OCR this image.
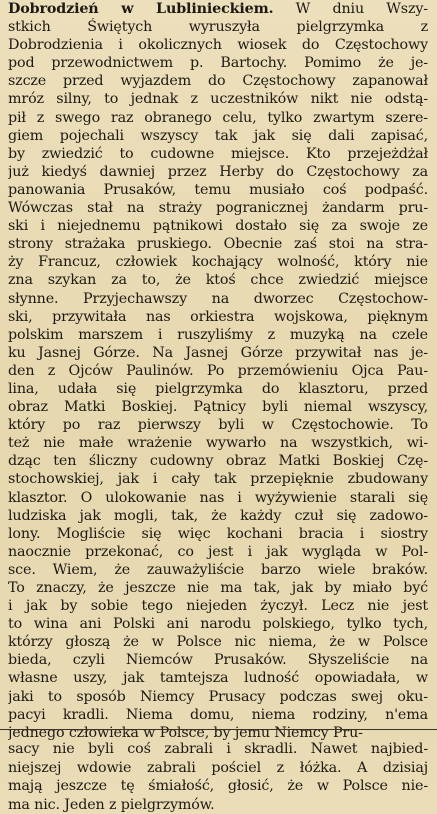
Dobrodzień w Lublinieckiem. W dniu Wszy-
stkich Świętych wyruszyła pielgrzymka z
Dobrodzienia i okolicznych wiosek do Częstochowy
pod przewodnictwem p. Bartochy. Pomimo że je-
szcze przed wyjazdem do Częstochowy zapanował
mróz silny, to jednak z uczestników nikt nie odstą-
pił z swego raz obranego celu, tylko zwartym szere-
giem pojechali wszyscy tak jak się dali zapisać,
by zwiedzić to cudowne miejsce. Kto przejeżdżał
już kiedyś dawniej przez Herby do Częstochowy za
panowania Prusaków, temu musiało coś podpaść.
Wówczas stał na straży pogranicznej żandarm pru-
ski i niejednemu pątnikowi dostało się za swoje ze
strony strażaka pruskiego. Obecnie zaś stoi na stra-
ży Francuz, człowiek kochający wolność, który nie
zna szykan za to, że ktoś chce zwiedzić miejsce
słynne. Przyjechawszy na dworzec Częstochow-
ski, przywitała nas orkiestra wojskowa, pięknym
polskim marszem i ruszyliśmy z muzyką na czele
ku Jasnej Górze. Na Jasnej Górze przywitał nas je-
den z Ojców Paulinów. Po przemówieniu Ojca Pau-
lina, udała się pielgrzymka do klasztoru, przed
obraz Matki Boskiej. Pątnicy byli niemal wszyscy,
który po raz pierwszy byli w Częstochowie. To
też nie małe wrażenie wywarło na wszystkich, wi-
dząc ten śliczny cudowny obraz Matki Boskiej Czę-
stochowskiej, jak i cały tak przepięknie zbudowany
klasztor. O ulokowanie nas i wyżywienie starali się
ludziska jak mogli, tak, że każdy czuł się zadowo-
lony. Mogliście się więc kochani bracia i siostry
naocznie przekonać, co jest i jak wygląda w Pol-
sce. Wiem, że zauważyliście barzo wiele braków.
To znaczy, że jeszcze nie ma tak, jak by miało być
i jak by sobie tego niejeden życzył. Lecz nie jest
to wina ani Polski ani narodu polskiego, tylko tych,
którzy głoszą że w Polsce nic niema, że w Polsce
bieda, czyli Niemców Prusaków. Słyszeliście na
własne uszy, jak tamtejsza ludność opowiadała, w
jaki to sposób Niemcy Prusacy podczas swej oku-
pacyi kradli. Niema domu, niema rodziny, n'ema
jednego człowieka w Polsce, by jemu Niemcy Pru-
sacy nie byli coś zabrali i skradli. Nawet najbied-
niejszej wdowie zabrali pościel z łóżka. A dzisiaj
mają jeszcze tę śmiałość, głosić, że w Polsce nie-
ma nic. Jeden z pielgrzymów.
